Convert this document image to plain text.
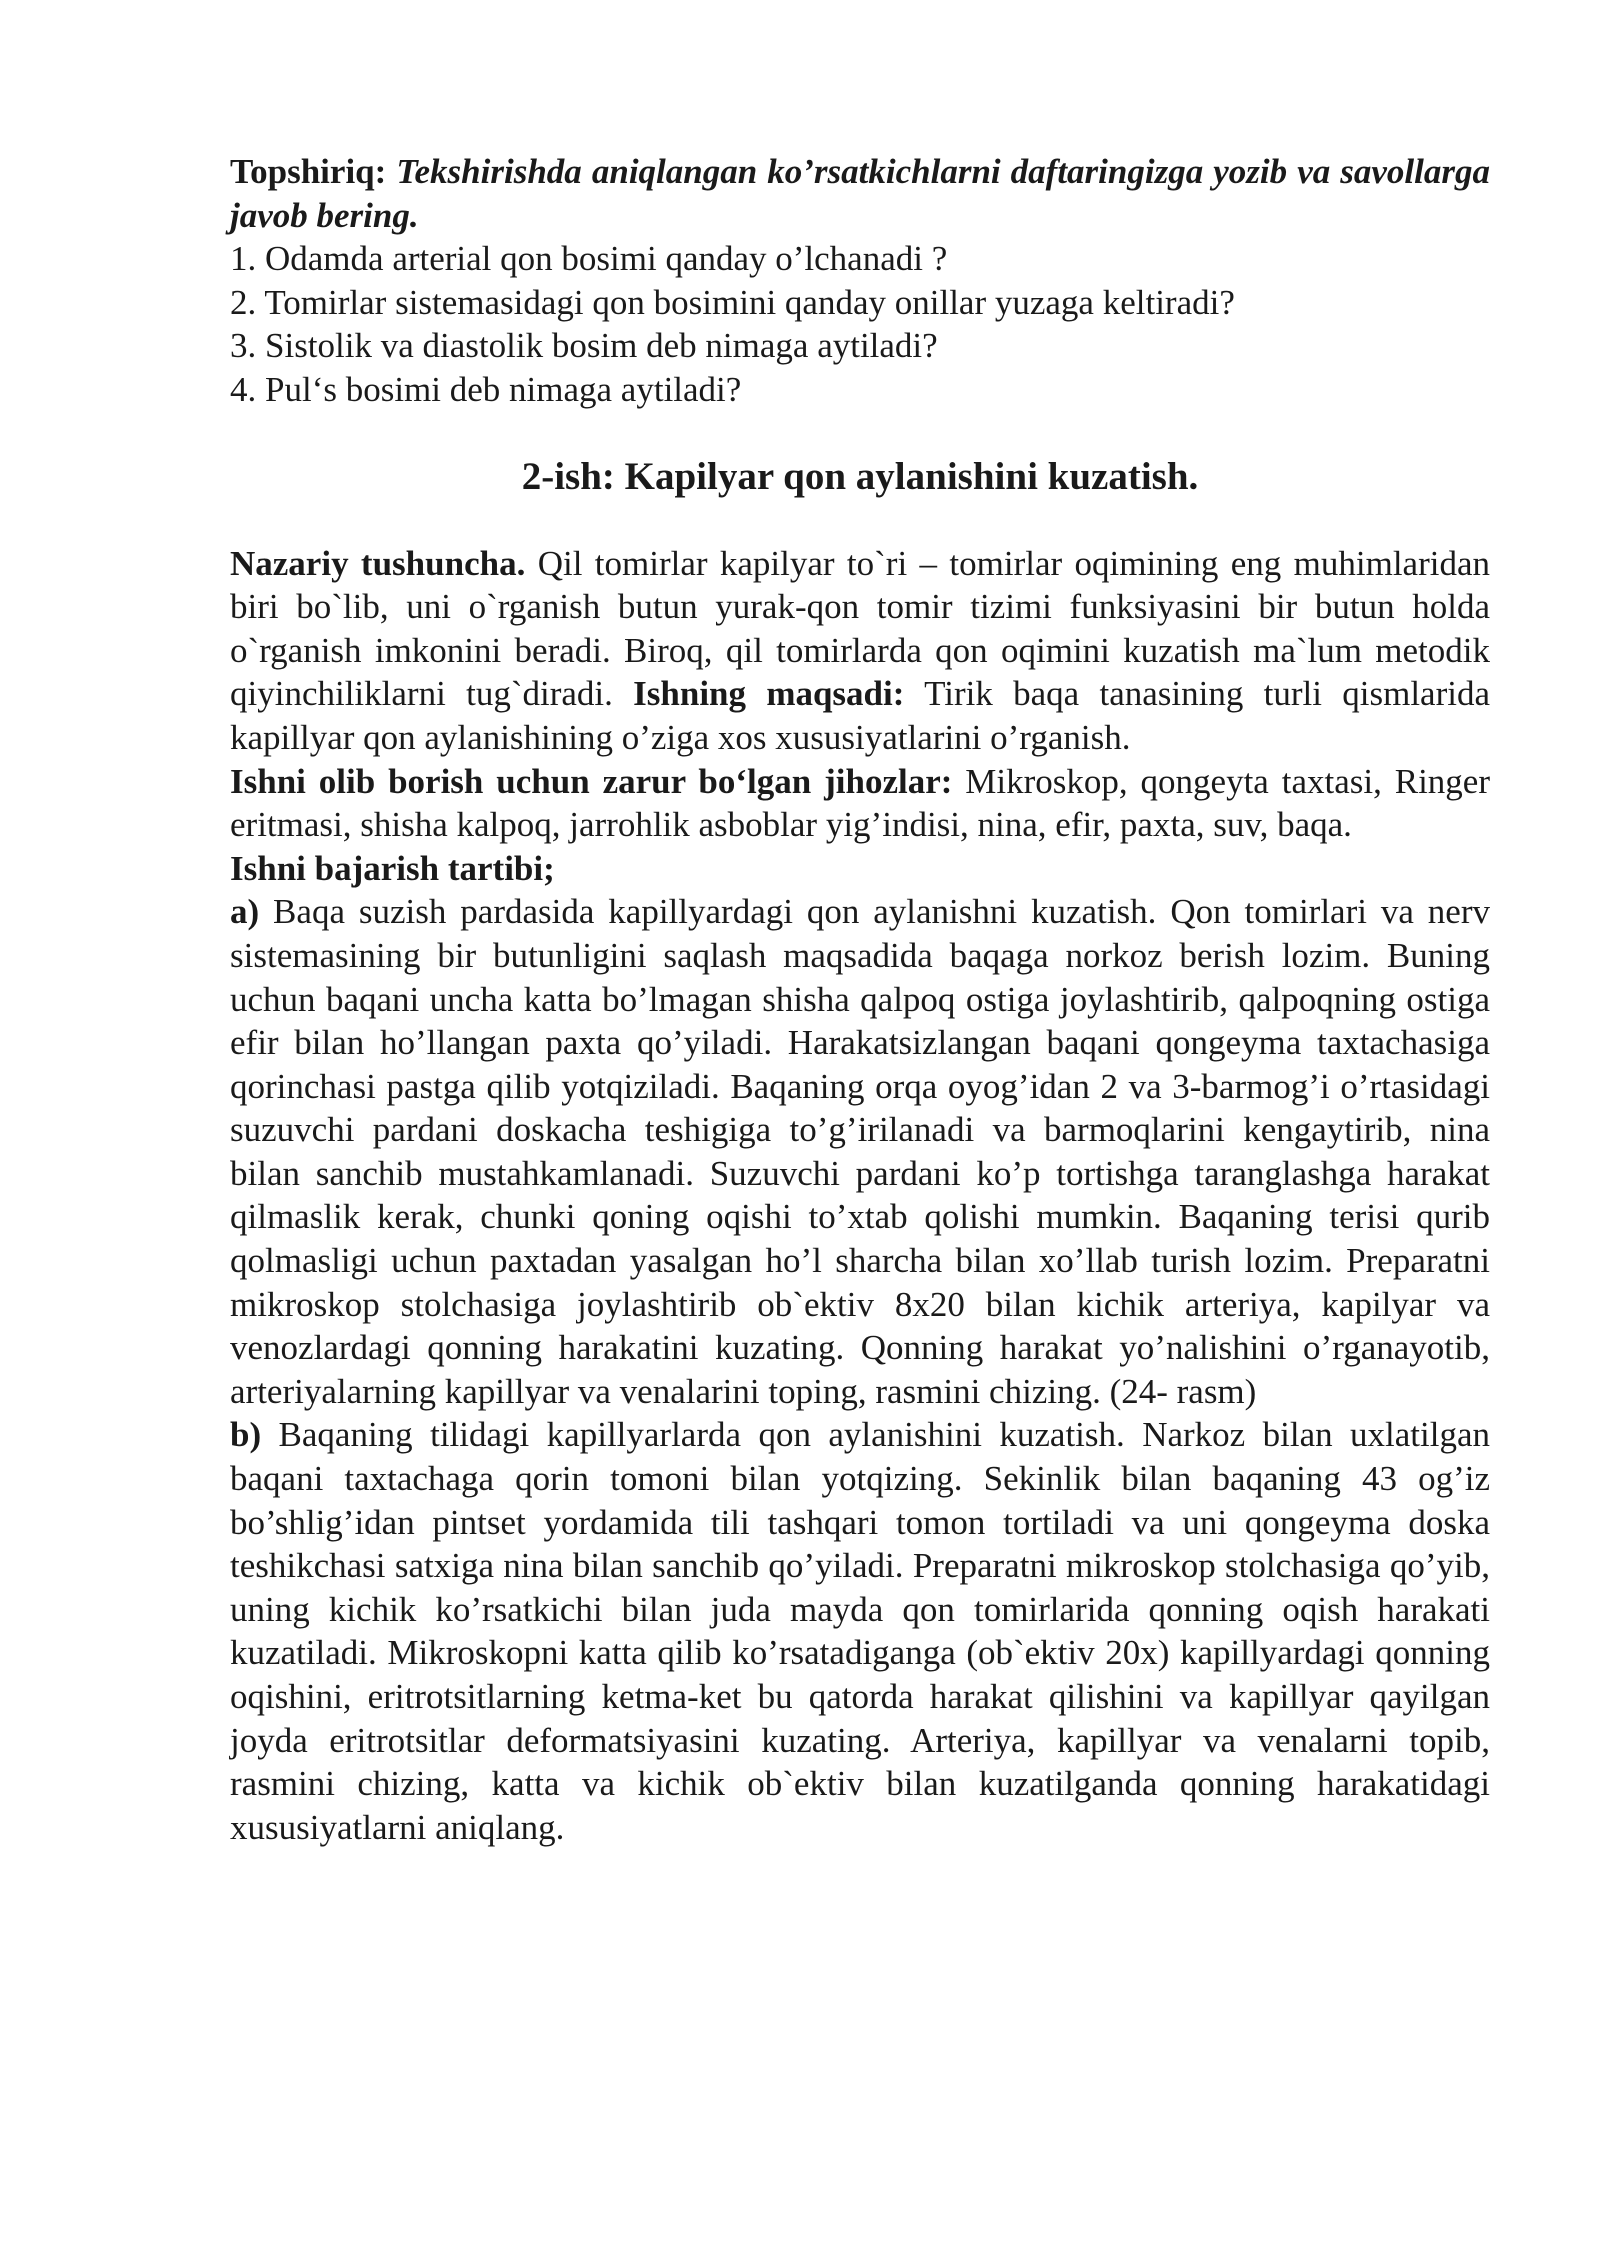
Topshiriq: Tekshirishda aniqlangan ko’rsatkichlarni daftaringizga yozib va savollarga javob bering.

1. Odamda arterial qon bosimi qanday o’lchanadi ?

2. Tomirlar sistemasidagi qon bosimini qanday onillar yuzaga keltiradi?

3. Sistolik va diastolik bosim deb nimaga aytiladi?

4. Pul‘s bosimi deb nimaga aytiladi?

2-ish: Kapilyar qon aylanishini kuzatish.

Nazariy tushuncha. Qil tomirlar kapilyar to`ri – tomirlar oqimining eng muhimlaridan biri bo`lib, uni o`rganish butun yurak-qon tomir tizimi funksiyasini bir butun holda o`rganish imkonini beradi. Biroq, qil tomirlarda qon oqimini kuzatish ma`lum metodik qiyinchiliklarni tug`diradi. Ishning maqsadi: Tirik baqa tanasining turli qismlarida kapillyar qon aylanishining o’ziga xos xususiyatlarini o’rganish.

Ishni olib borish uchun zarur bo‘lgan jihozlar: Mikroskop, qongeyta taxtasi, Ringer eritmasi, shisha kalpoq, jarrohlik asboblar yig’indisi, nina, efir, paxta, suv, baqa.

Ishni bajarish tartibi;

a) Baqa suzish pardasida kapillyardagi qon aylanishni kuzatish. Qon tomirlari va nerv sistemasining bir butunligini saqlash maqsadida baqaga norkoz berish lozim. Buning uchun baqani uncha katta bo’lmagan shisha qalpoq ostiga joylashtirib, qalpoqning ostiga efir bilan ho’llangan paxta qo’yiladi. Harakatsizlangan baqani qongeyma taxtachasiga qorinchasi pastga qilib yotqiziladi. Baqaning orqa oyog’idan 2 va 3-barmog’i o’rtasidagi suzuvchi pardani doskacha teshigiga to’g’irilanadi va barmoqlarini kengaytirib, nina bilan sanchib mustahkamlanadi. Suzuvchi pardani ko’p tortishga taranglashga harakat qilmaslik kerak, chunki qoning oqishi to’xtab qolishi mumkin. Baqaning terisi qurib qolmasligi uchun paxtadan yasalgan ho’l sharcha bilan xo’llab turish lozim. Preparatni mikroskop stolchasiga joylashtirib ob`ektiv 8x20 bilan kichik arteriya, kapilyar va venozlardagi qonning harakatini kuzating. Qonning harakat yo’nalishini o’rganayotib, arteriyalarning kapillyar va venalarini toping, rasmini chizing. (24- rasm)

b) Baqaning tilidagi kapillyarlarda qon aylanishini kuzatish. Narkoz bilan uxlatilgan baqani taxtachaga qorin tomoni bilan yotqizing. Sekinlik bilan baqaning 43 og’iz bo’shlig’idan pintset yordamida tili tashqari tomon tortiladi va uni qongeyma doska teshikchasi satxiga nina bilan sanchib qo’yiladi. Preparatni mikroskop stolchasiga qo’yib, uning kichik ko’rsatkichi bilan juda mayda qon tomirlarida qonning oqish harakati kuzatiladi. Mikroskopni katta qilib ko’rsatadiganga (ob`ektiv 20x) kapillyardagi qonning oqishini, eritrotsitlarning ketma-ket bu qatorda harakat qilishini va kapillyar qayilgan joyda eritrotsitlar deformatsiyasini kuzating. Arteriya, kapillyar va venalarni topib, rasmini chizing, katta va kichik ob`ektiv bilan kuzatilganda qonning harakatidagi xususiyatlarni aniqlang.
